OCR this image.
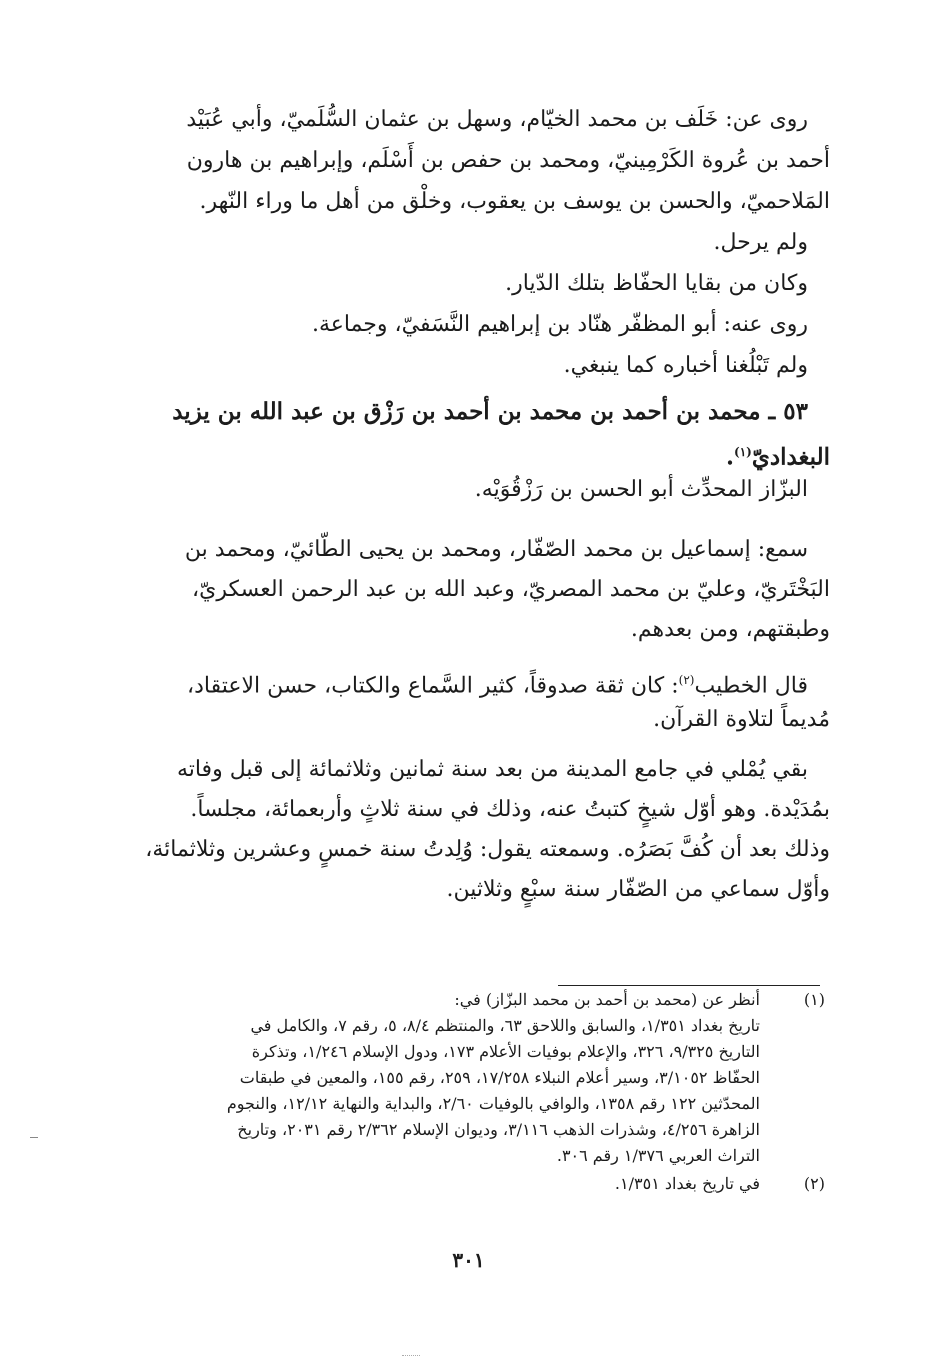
روى عن: خَلَف بن محمد الخيّام، وسهل بن عثمان السُّلَميّ، وأبي عُبَيْد
أحمد بن عُروة الكَرْمِينيّ، ومحمد بن حفص بن أَسْلَم، وإبراهيم بن هارون
المَلاحميّ، والحسن بن يوسف بن يعقوب، وخلْق من أهل ما وراء النّهر.
ولم يرحل.
وكان من بقايا الحفّاظ بتلك الدّيار.
روى عنه: أبو المظفّر هنّاد بن إبراهيم النَّسَفيّ، وجماعة.
ولم تَبْلُغنا أخباره كما ينبغي.
٥٣ ـ محمد بن أحمد بن محمد بن أحمد بن رَزْق بن عبد الله بن يزيد
البغداديّ$^{(١)}$.
البزّاز المحدِّث أبو الحسن بن رَزْقُوَيْه.
سمع: إسماعيل بن محمد الصّفّار، ومحمد بن يحيى الطّائيّ، ومحمد بن
البَخْتَريّ، وعليّ بن محمد المصريّ، وعبد الله بن عبد الرحمن العسكريّ،
وطبقتهم، ومن بعدهم.
قال الخطيب$^{(٢)}$: كان ثقة صدوقاً، كثير السَّماع والكتاب، حسن الاعتقاد،
مُديماً لتلاوة القرآن.
بقي يُمْلي في جامع المدينة من بعد سنة ثمانين وثلاثمائة إلى قبل وفاته
بمُدَيْدة. وهو أوّل شيخٍ كتبتُ عنه، وذلك في سنة ثلاثٍ وأربعمائة، مجلساً.
وذلك بعد أن كُفَّ بَصَرُه. وسمعته يقول: وُلِدتُ سنة خمسٍ وعشرين وثلاثمائة،
وأوّل سماعي من الصّفّار سنة سبْعٍ وثلاثين.
(١)
أنظر عن (محمد بن أحمد بن محمد البزّاز) في:
تاريخ بغداد ١/٣٥١، والسابق واللاحق ٦٣، والمنتظم ٨/٤، ٥، رقم ٧، والكامل في
التاريخ ٩/٣٢٥، ٣٢٦، والإعلام بوفيات الأعلام ١٧٣، ودول الإسلام ١/٢٤٦، وتذكرة
الحفّاظ ٣/١٠٥٢، وسير أعلام النبلاء ١٧/٢٥٨، ٢٥٩، رقم ١٥٥، والمعين في طبقات
المحدّثين ١٢٢ رقم ١٣٥٨، والوافي بالوفيات ٢/٦٠، والبداية والنهاية ١٢/١٢، والنجوم
الزاهرة ٤/٢٥٦، وشذرات الذهب ٣/١١٦، وديوان الإسلام ٢/٣٦٢ رقم ٢٠٣١، وتاريخ
التراث العربي ١/٣٧٦ رقم ٣٠٦.
(٢)
في تاريخ بغداد ١/٣٥١.
٣٠١
